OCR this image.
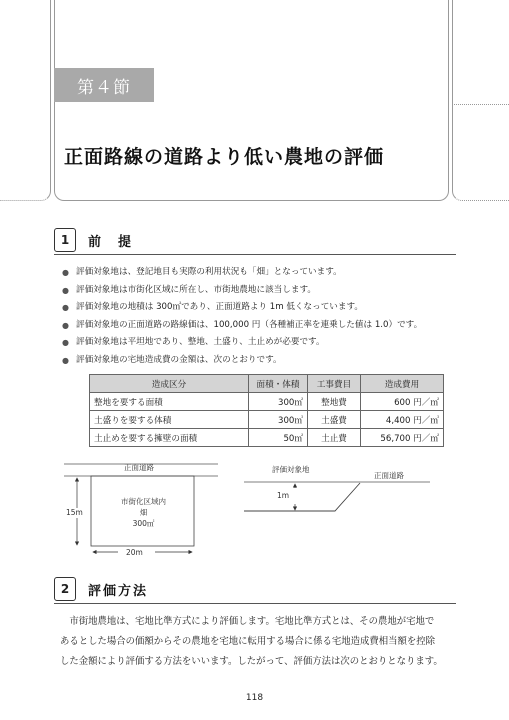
第４節
正面路線の道路より低い農地の評価
1	前　提
● 評価対象地は、登記地目も実際の利用状況も「畑」となっています。
● 評価対象地は市街化区域に所在し、市街地農地に該当します。
● 評価対象地の地積は 300㎡であり、正面道路より 1m 低くなっています。
● 評価対象地の正面道路の路線価は、100,000 円（各種補正率を連乗した値は 1.0）です。
● 評価対象地は平坦地であり、整地、土盛り、土止めが必要です。
● 評価対象地の宅地造成費の金額は、次のとおりです。
造成区分	面積・体積	工事費目	造成費用
整地を要する面積	300㎡	整地費	600 円／㎡
土盛りを要する体積	300㎥	土盛費	4,400 円／㎥
土止めを要する擁壁の面積	50㎡	土止費	56,700 円／㎡
正面道路
市街化区域内
畑
300㎡
15m
20m
評価対象地
正面道路
1m
2	評価方法
　市街地農地は、宅地比準方式により評価します。宅地比準方式とは、その農地が宅地で
あるとした場合の価額からその農地を宅地に転用する場合に係る宅地造成費相当額を控除
した金額により評価する方法をいいます。したがって、評価方法は次のとおりとなります。
118
